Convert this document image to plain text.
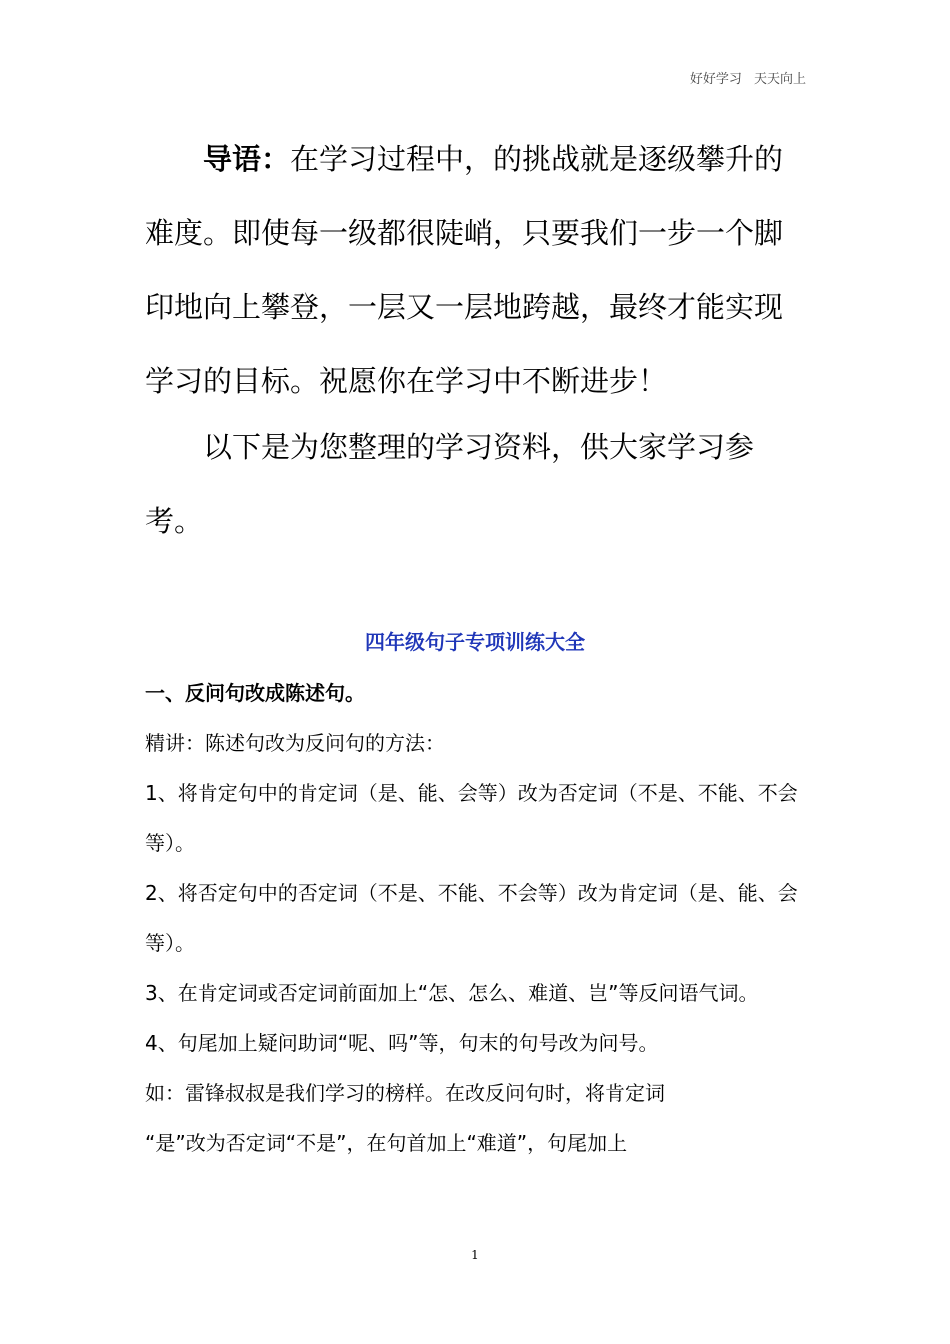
好好学习 天天向上

导语：在学习过程中，的挑战就是逐级攀升的难度。即使每一级都很陡峭，只要我们一步一个脚印地向上攀登，一层又一层地跨越，最终才能实现学习的目标。祝愿你在学习中不断进步！

以下是为您整理的学习资料，供大家学习参考。

四年级句子专项训练大全

一、反问句改成陈述句。

精讲：陈述句改为反问句的方法：

1、将肯定句中的肯定词（是、能、会等）改为否定词（不是、不能、不会等）。

2、将否定句中的否定词（不是、不能、不会等）改为肯定词（是、能、会等）。

3、在肯定词或否定词前面加上“怎、怎么、难道、岂”等反问语气词。

4、句尾加上疑问助词“呢、吗”等，句末的句号改为问号。

如：雷锋叔叔是我们学习的榜样。在改反问句时，将肯定词

“是”改为否定词“不是”，在句首加上“难道”，句尾加上

1
